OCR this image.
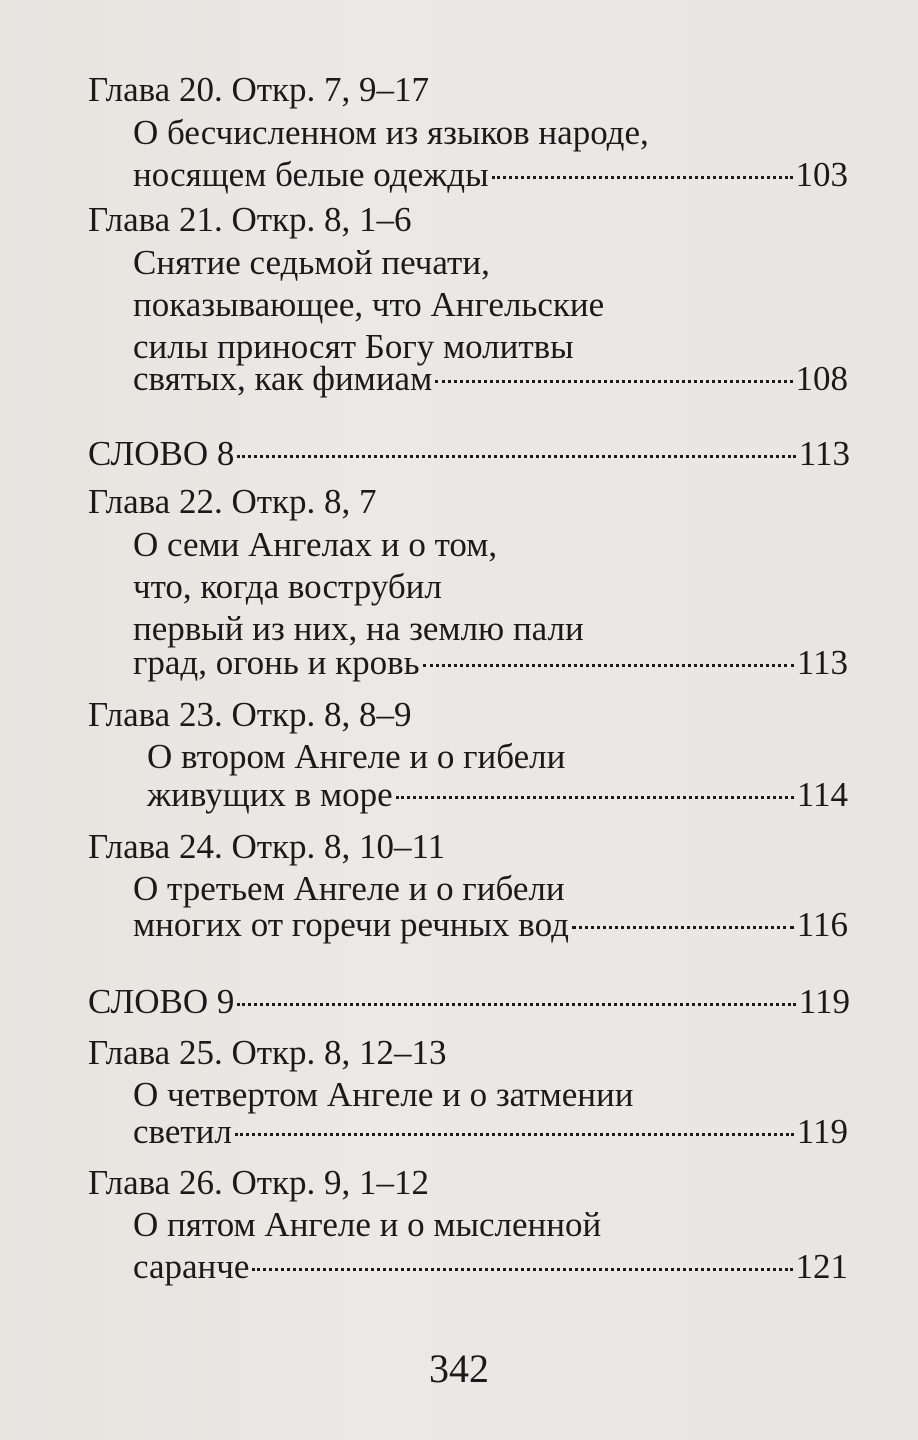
Глава 20. Откр. 7, 9–17
О бесчисленном из языков народе,
носящем белые одежды	103
Глава 21. Откр. 8, 1–6
Снятие седьмой печати,
показывающее, что Ангельские
силы приносят Богу молитвы
святых, как фимиам	108
СЛОВО 8	113
Глава 22. Откр. 8, 7
О семи Ангелах и о том,
что, когда вострубил
первый из них, на землю пали
град, огонь и кровь	113
Глава 23. Откр. 8, 8–9
О втором Ангеле и о гибели
живущих в море	114
Глава 24. Откр. 8, 10–11
О третьем Ангеле и о гибели
многих от горечи речных вод	116
СЛОВО 9	119
Глава 25. Откр. 8, 12–13
О четвертом Ангеле и о затмении
светил	119
Глава 26. Откр. 9, 1–12
О пятом Ангеле и о мысленной
саранче	121
342
